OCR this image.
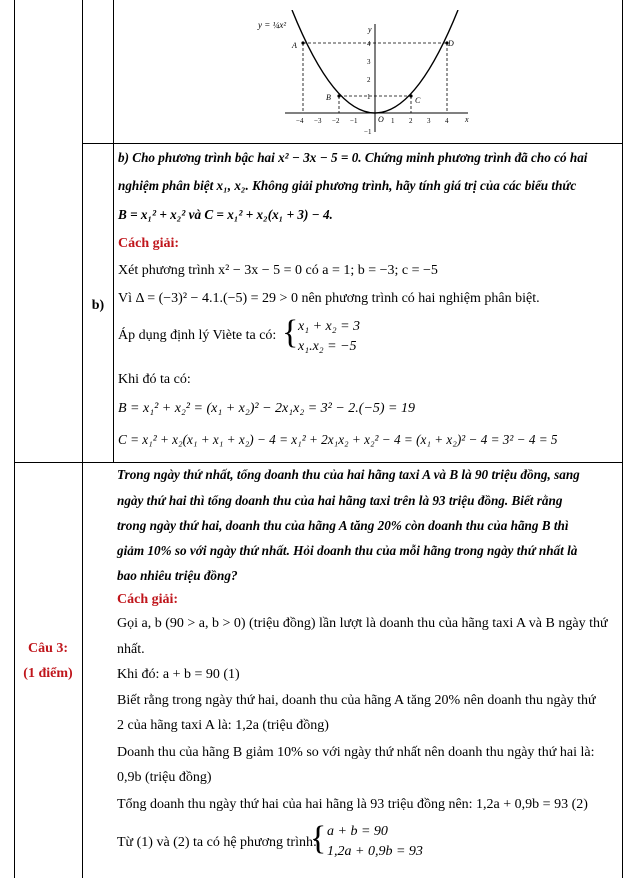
y = ¼x²	y
x
O
A
B	C
D
−4 −3 −2 −1	1 2 3 4
4
3
2
1
−1
b)
b) Cho phương trình bậc hai x² − 3x − 5 = 0. Chứng minh phương trình đã cho có hai
nghiệm phân biệt x₁, x₂. Không giải phương trình, hãy tính giá trị của các biểu thức
B = x₁² + x₂² và C = x₁² + x₂(x₁ + 3) − 4.
Cách giải:
Xét phương trình x² − 3x − 5 = 0 có a = 1; b = −3; c = −5
Vì Δ = (−3)² − 4.1.(−5) = 29 > 0 nên phương trình có hai nghiệm phân biệt.
Áp dụng định lý Viète ta có: { x₁ + x₂ = 3
x₁.x₂ = −5
Khi đó ta có:
B = x₁² + x₂² = (x₁ + x₂)² − 2x₁x₂ = 3² − 2.(−5) = 19
C = x₁² + x₂(x₁ + x₁ + x₂) − 4 = x₁² + 2x₁x₂ + x₂² − 4 = (x₁ + x₂)² − 4 = 3² − 4 = 5
Câu 3:
(1 điểm)
Trong ngày thứ nhất, tổng doanh thu của hai hãng taxi A và B là 90 triệu đồng, sang
ngày thứ hai thì tổng doanh thu của hai hãng taxi trên là 93 triệu đồng. Biết rằng
trong ngày thứ hai, doanh thu của hãng A tăng 20% còn doanh thu của hãng B thì
giảm 10% so với ngày thứ nhất. Hỏi doanh thu của mỗi hãng trong ngày thứ nhất là
bao nhiêu triệu đồng?
Cách giải:
Gọi a, b (90 > a, b > 0) (triệu đồng) lần lượt là doanh thu của hãng taxi A và B ngày thứ
nhất.
Khi đó: a + b = 90 (1)
Biết rằng trong ngày thứ hai, doanh thu của hãng A tăng 20% nên doanh thu ngày thứ
2 của hãng taxi A là: 1,2a (triệu đồng)
Doanh thu của hãng B giảm 10% so với ngày thứ nhất nên doanh thu ngày thứ hai là:
0,9b (triệu đồng)
Tổng doanh thu ngày thứ hai của hai hãng là 93 triệu đồng nên: 1,2a + 0,9b = 93 (2)
Từ (1) và (2) ta có hệ phương trình:
{ a + b = 90
1,2a + 0,9b = 93
